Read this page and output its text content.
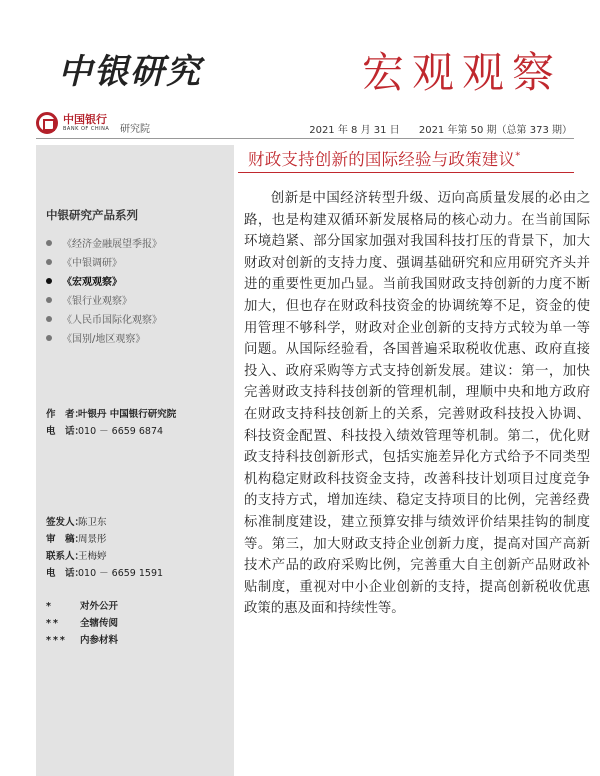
中银研究	宏观观察
中国银行
BANK OF CHINA 研究院	2021 年 8 月 31 日 2021 年第 50 期（总第 373 期）
财政支持创新的国际经验与政策建议*
中银研究产品系列
《经济金融展望季报》
《中银调研》
《宏观观察》
《银行业观察》
《人民币国际化观察》
《国别/地区观察》
作　者：叶银丹 中国银行研究院
电　话：010 － 6659 6874
签发人：陈卫东
审　稿：周景彤
联系人：王梅婷
电　话：010 － 6659 1591
*	对外公开
** 全辖传阅
*** 内参材料

创新是中国经济转型升级、迈向高质量发展的必由之路，也是构建双循环新发展格局的核心动力。在当前国际环境趋紧、部分国家加强对我国科技打压的背景下，加大财政对创新的支持力度、强调基础研究和应用研究齐头并进的重要性更加凸显。当前我国财政支持创新的力度不断加大，但也存在财政科技资金的协调统筹不足，资金的使用管理不够科学，财政对企业创新的支持方式较为单一等问题。从国际经验看，各国普遍采取税收优惠、政府直接投入、政府采购等方式支持创新发展。建议：第一，加快完善财政支持科技创新的管理机制，理顺中央和地方政府在财政支持科技创新上的关系，完善财政科技投入协调、科技资金配置、科技投入绩效管理等机制。第二，优化财政支持科技创新形式，包括实施差异化方式给予不同类型机构稳定财政科技资金支持，改善科技计划项目过度竞争的支持方式，增加连续、稳定支持项目的比例，完善经费标准制度建设，建立预算安排与绩效评价结果挂钩的制度等。第三，加大财政支持企业创新力度，提高对国产高新技术产品的政府采购比例，完善重大自主创新产品财政补贴制度，重视对中小企业创新的支持，提高创新税收优惠政策的惠及面和持续性等。
